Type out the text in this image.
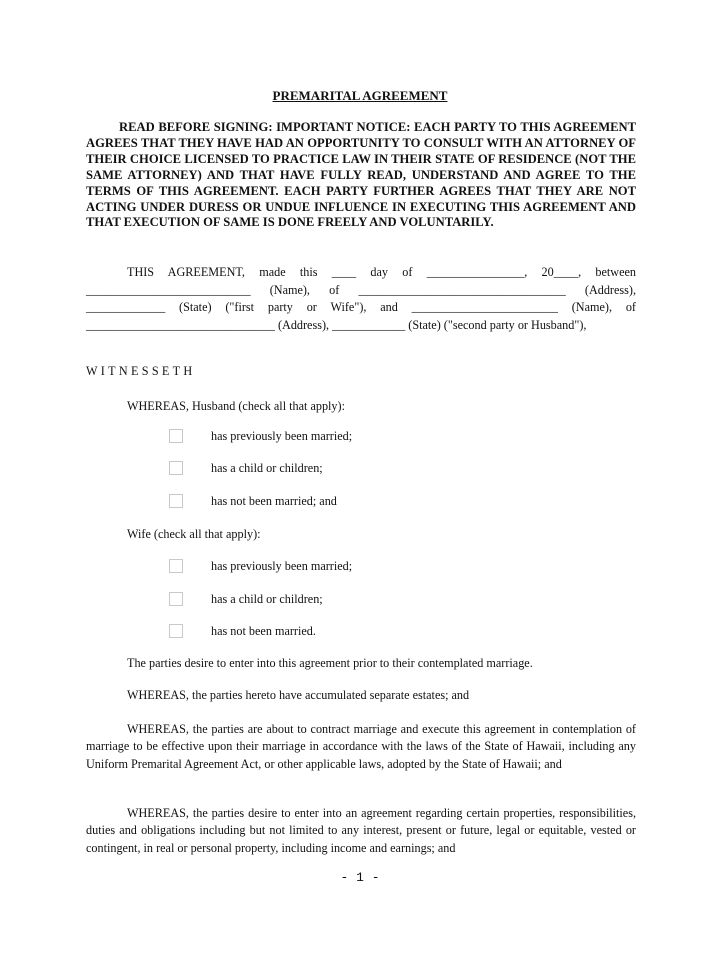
PREMARITAL AGREEMENT
READ BEFORE SIGNING: IMPORTANT NOTICE: EACH PARTY TO THIS AGREEMENT AGREES THAT THEY HAVE HAD AN OPPORTUNITY TO CONSULT WITH AN ATTORNEY OF THEIR CHOICE LICENSED TO PRACTICE LAW IN THEIR STATE OF RESIDENCE (NOT THE SAME ATTORNEY) AND THAT HAVE FULLY READ, UNDERSTAND AND AGREE TO THE TERMS OF THIS AGREEMENT. EACH PARTY FURTHER AGREES THAT THEY ARE NOT ACTING UNDER DURESS OR UNDUE INFLUENCE IN EXECUTING THIS AGREEMENT AND THAT EXECUTION OF SAME IS DONE FREELY AND VOLUNTARILY.
THIS AGREEMENT, made this ____ day of ________________, 20____, between ___________________________ (Name), of __________________________________ (Address), _____________ (State) ("first party or Wife"), and ________________________ (Name), of _______________________________ (Address), ____________ (State) ("second party or Husband"),
WITNESSETH
WHEREAS, Husband (check all that apply):
has previously been married;
has a child or children;
has not been married; and
Wife (check all that apply):
has previously been married;
has a child or children;
has not been married.
The parties desire to enter into this agreement prior to their contemplated marriage.
WHEREAS, the parties hereto have accumulated separate estates; and
WHEREAS, the parties are about to contract marriage and execute this agreement in contemplation of marriage to be effective upon their marriage in accordance with the laws of the State of Hawaii, including any Uniform Premarital Agreement Act, or other applicable laws, adopted by the State of Hawaii; and
WHEREAS, the parties desire to enter into an agreement regarding certain properties, responsibilities, duties and obligations including but not limited to any interest, present or future, legal or equitable, vested or contingent, in real or personal property, including income and earnings; and
- 1 -
